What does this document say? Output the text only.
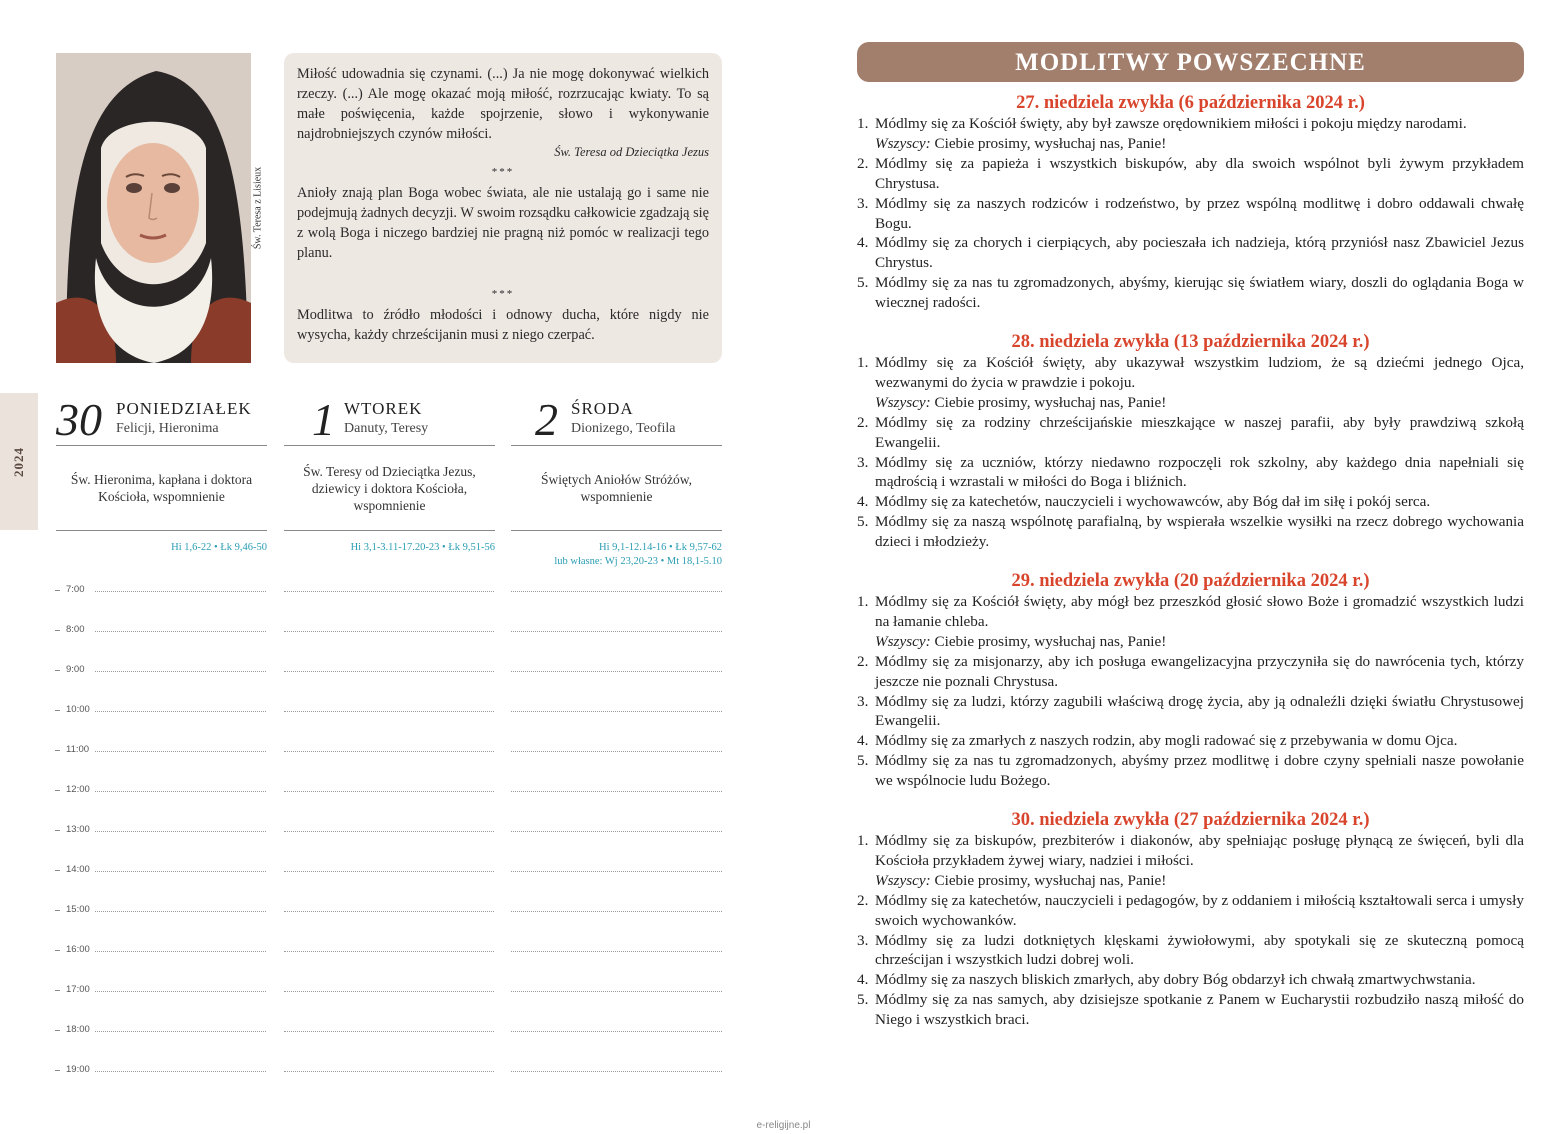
Św. Teresa z Lisieux

Miłość udowadnia się czynami. (...) Ja nie mogę dokonywać wielkich rzeczy. (...) Ale mogę okazać moją miłość, rozrzucając kwiaty. To są małe poświęcenia, każde spojrzenie, słowo i wykonywanie najdrobniejszych czynów miłości.

Św. Teresa od Dzieciątka Jezus
***

Anioły znają plan Boga wobec świata, ale nie ustalają go i same nie podejmują żadnych decyzji. W swoim rozsądku całkowicie zgadzają się z wolą Boga i niczego bardziej nie pragną niż pomóc w realizacji tego planu.

***

Modlitwa to źródło młodości i odnowy ducha, które nigdy nie wysycha, każdy chrześcijanin musi z niego czerpać.

2024
30 PONIEDZIAŁEK
Felicji, Hieronima
Św. Hieronima, kapłana i doktora Kościoła, wspomnienie
Hi 1,6-22 • Łk 9,46-50
1 WTOREK
Danuty, Teresy
Św. Teresy od Dzieciątka Jezus, dziewicy i doktora Kościoła, wspomnienie
Hi 3,1-3.11-17.20-23 • Łk 9,51-56
2 ŚRODA
Dionizego, Teofila
Świętych Aniołów Stróżów, wspomnienie
Hi 9,1-12.14-16 • Łk 9,57-62
lub własne: Wj 23,20-23 • Mt 18,1-5.10
7:00
8:00
9:00
10:00
11:00
12:00
13:00
14:00
15:00
16:00
17:00
18:00
19:00
MODLITWY POWSZECHNE
27. niedziela zwykła (6 października 2024 r.)
1. Módlmy się za Kościół święty, aby był zawsze orędownikiem miłości i pokoju między narodami.
Wszyscy: Ciebie prosimy, wysłuchaj nas, Panie!
2. Módlmy się za papieża i wszystkich biskupów, aby dla swoich wspólnot byli żywym przykładem Chrystusa.
3. Módlmy się za naszych rodziców i rodzeństwo, by przez wspólną modlitwę i dobro oddawali chwałę Bogu.
4. Módlmy się za chorych i cierpiących, aby pocieszała ich nadzieja, którą przyniósł nasz Zbawiciel Jezus Chrystus.
5. Módlmy się za nas tu zgromadzonych, abyśmy, kierując się światłem wiary, doszli do oglądania Boga w wiecznej radości.
28. niedziela zwykła (13 października 2024 r.)
1. Módlmy się za Kościół święty, aby ukazywał wszystkim ludziom, że są dziećmi jednego Ojca, wezwanymi do życia w prawdzie i pokoju.
Wszyscy: Ciebie prosimy, wysłuchaj nas, Panie!
2. Módlmy się za rodziny chrześcijańskie mieszkające w naszej parafii, aby były prawdziwą szkołą Ewangelii.
3. Módlmy się za uczniów, którzy niedawno rozpoczęli rok szkolny, aby każdego dnia napełniali się mądrością i wzrastali w miłości do Boga i bliźnich.
4. Módlmy się za katechetów, nauczycieli i wychowawców, aby Bóg dał im siłę i pokój serca.
5. Módlmy się za naszą wspólnotę parafialną, by wspierała wszelkie wysiłki na rzecz dobrego wychowania dzieci i młodzieży.
29. niedziela zwykła (20 października 2024 r.)
1. Módlmy się za Kościół święty, aby mógł bez przeszkód głosić słowo Boże i gromadzić wszystkich ludzi na łamanie chleba.
Wszyscy: Ciebie prosimy, wysłuchaj nas, Panie!
2. Módlmy się za misjonarzy, aby ich posługa ewangelizacyjna przyczyniła się do nawrócenia tych, którzy jeszcze nie poznali Chrystusa.
3. Módlmy się za ludzi, którzy zagubili właściwą drogę życia, aby ją odnaleźli dzięki światłu Chrystusowej Ewangelii.
4. Módlmy się za zmarłych z naszych rodzin, aby mogli radować się z przebywania w domu Ojca.
5. Módlmy się za nas tu zgromadzonych, abyśmy przez modlitwę i dobre czyny spełniali nasze powołanie we wspólnocie ludu Bożego.
30. niedziela zwykła (27 października 2024 r.)
1. Módlmy się za biskupów, prezbiterów i diakonów, aby spełniając posługę płynącą ze święceń, byli dla Kościoła przykładem żywej wiary, nadziei i miłości.
Wszyscy: Ciebie prosimy, wysłuchaj nas, Panie!
2. Módlmy się za katechetów, nauczycieli i pedagogów, by z oddaniem i miłością kształtowali serca i umysły swoich wychowanków.
3. Módlmy się za ludzi dotkniętych klęskami żywiołowymi, aby spotykali się ze skuteczną pomocą chrześcijan i wszystkich ludzi dobrej woli.
4. Módlmy się za naszych bliskich zmarłych, aby dobry Bóg obdarzył ich chwałą zmartwychwstania.
5. Módlmy się za nas samych, aby dzisiejsze spotkanie z Panem w Eucharystii rozbudziło naszą miłość do Niego i wszystkich braci.
e-religijne.pl
